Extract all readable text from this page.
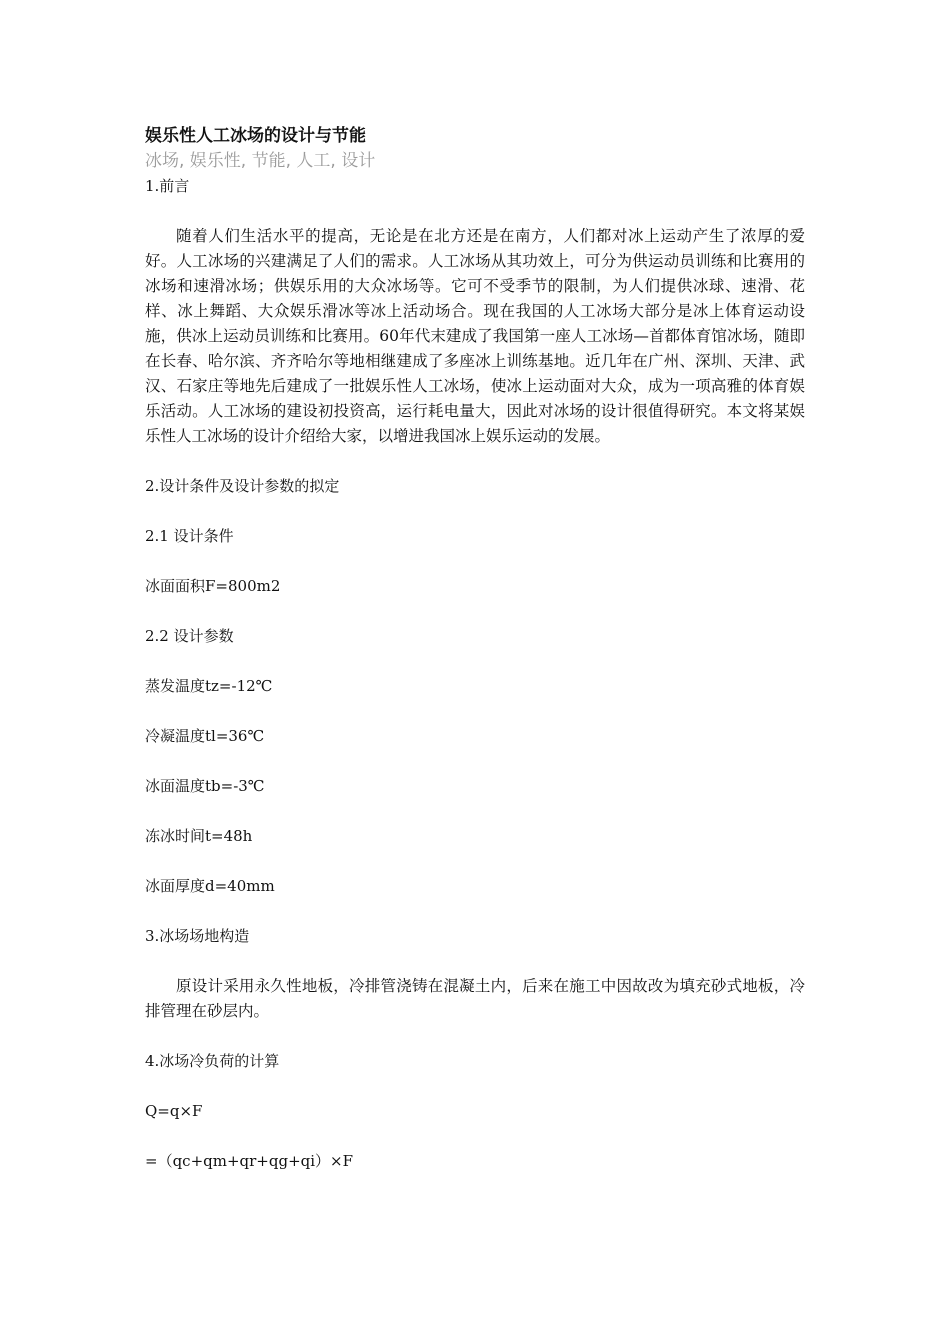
娱乐性人工冰场的设计与节能

冰场, 娱乐性, 节能, 人工, 设计

1.前言

随着人们生活水平的提高，无论是在北方还是在南方，人们都对冰上运动产生了浓厚的爱好。人工冰场的兴建满足了人们的需求。人工冰场从其功效上，可分为供运动员训练和比赛用的冰场和速滑冰场；供娱乐用的大众冰场等。它可不受季节的限制，为人们提供冰球、速滑、花样、冰上舞蹈、大众娱乐滑冰等冰上活动场合。现在我国的人工冰场大部分是冰上体育运动设施，供冰上运动员训练和比赛用。60年代末建成了我国第一座人工冰场—首都体育馆冰场，随即在长春、哈尔滨、齐齐哈尔等地相继建成了多座冰上训练基地。近几年在广州、深圳、天津、武汉、石家庄等地先后建成了一批娱乐性人工冰场，使冰上运动面对大众，成为一项高雅的体育娱乐活动。人工冰场的建设初投资高，运行耗电量大，因此对冰场的设计很值得研究。本文将某娱乐性人工冰场的设计介绍给大家，以增进我国冰上娱乐运动的发展。

2.设计条件及设计参数的拟定

2.1 设计条件

冰面面积F=800m2

2.2 设计参数

蒸发温度tz=-12℃

冷凝温度tl=36℃

冰面温度tb=-3℃

冻冰时间t=48h

冰面厚度d=40mm

3.冰场场地构造

原设计采用永久性地板，冷排管浇铸在混凝土内，后来在施工中因故改为填充砂式地板，冷排管理在砂层内。

4.冰场冷负荷的计算

Q=q×F

=（qc+qm+qr+qg+qi）×F
